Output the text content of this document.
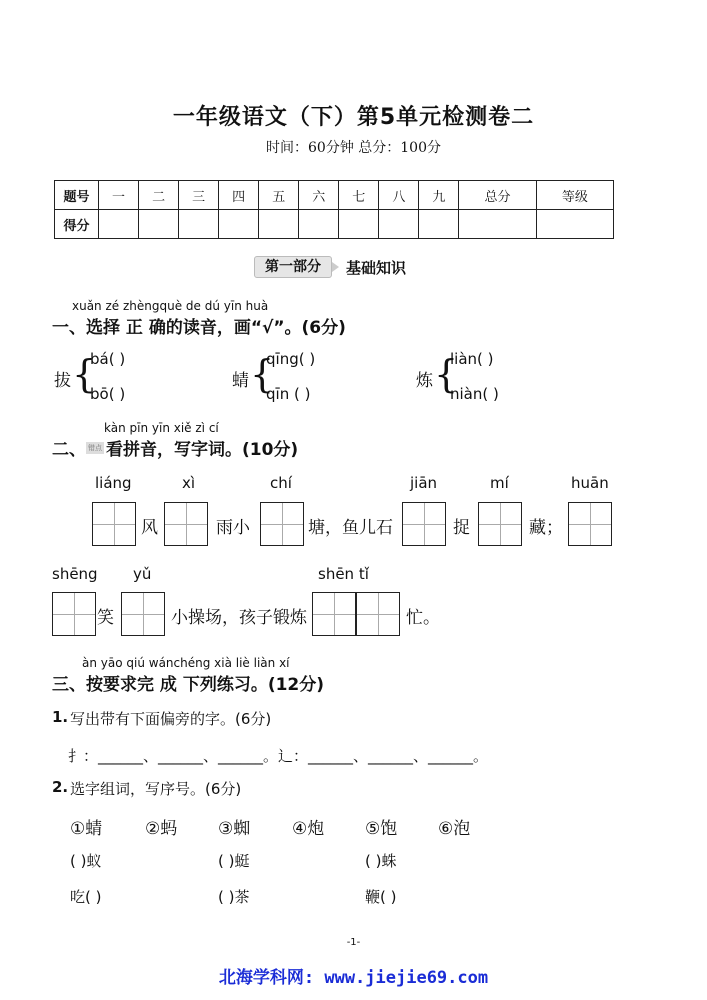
一年级语文（下）第5单元检测卷二
时间：60分钟 总分：100分
题号	一	二	三	四	五	六	七	八	九	总分	等级
得分											
第一部分	基础知识
xuǎn zé zhèngquè de dú yīn huà
一、选择 正 确的读音，画“√”。(6分)
拔 {
bá( )
bō( )
蜻 {
qīng( )
qīn ( )
炼 {
liàn( )
niàn( )
kàn pīn yīn xiě zì cí
二、 错点 看拼音，写字词。(10分)
liáng	xì	chí	jiān	mí	huān
风	雨小	塘，鱼儿石	捉	藏；
shēng yǔ	shēn tǐ
笑	小操场，孩子锻炼	忙。
àn yāo qiú wánchéng xià liè liàn xí
三、按要求完 成 下列练习。(12分)
1. 写出带有下面偏旁的字。(6分)
扌：______、______、______。辶：______、______、______。
2. 选字组词，写序号。(6分)
①蜻	②蚂 ③蜘 ④炮 ⑤饱 ⑥泡
( )蚁	( )蜓	( )蛛
吃( )	( )茶	鞭( )
-1-
北海学科网: www.jiejie69.com
